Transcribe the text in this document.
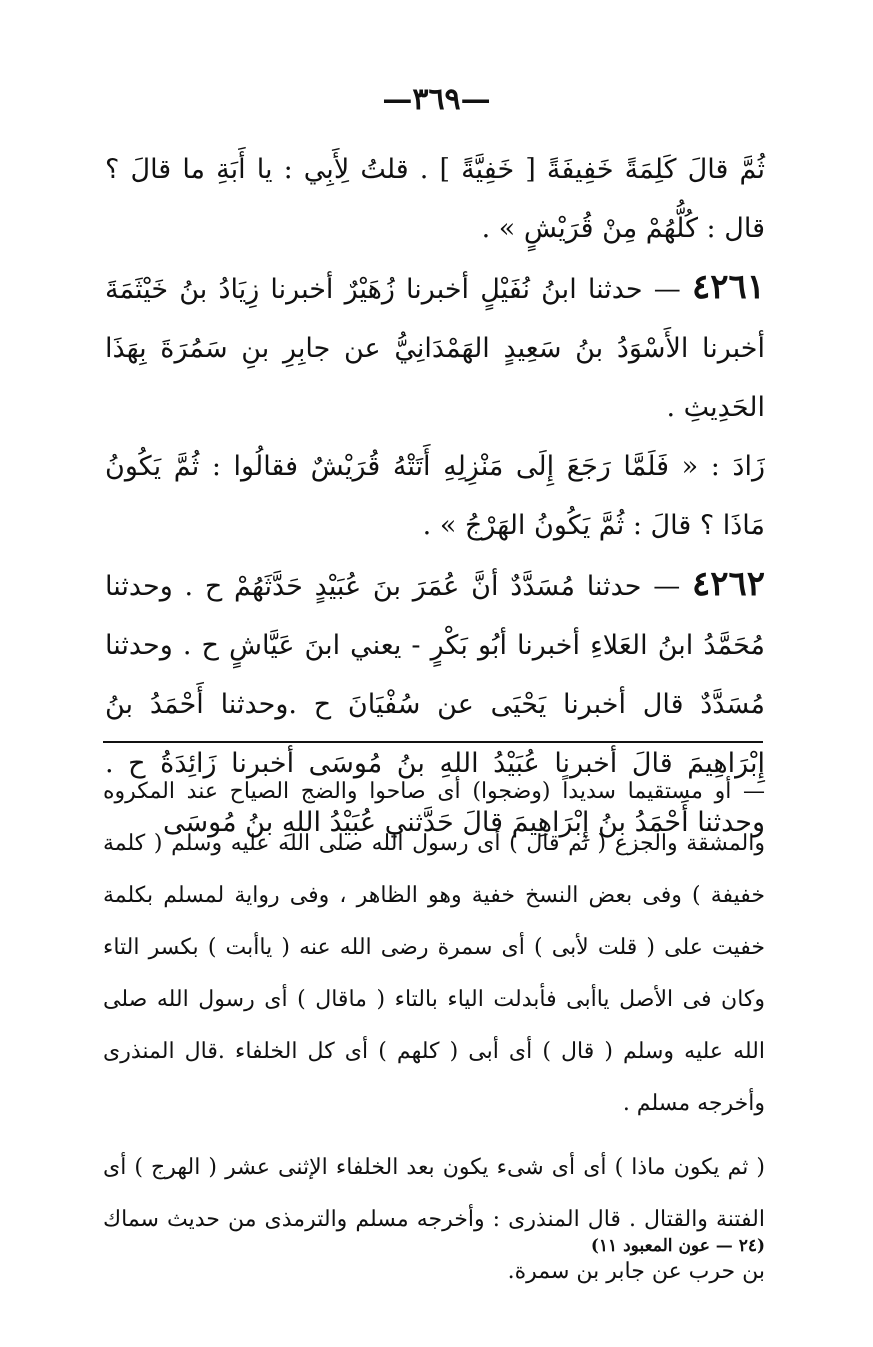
—٣٦٩—

ثُمَّ قالَ كَلِمَةً خَفِيفَةً [ خَفِيَّةً ] . قلتُ لِأَبِي : يا أَبَةِ ما قالَ ؟ قال : كُلُّهُمْ مِنْ قُرَيْشٍ » .

٤٢٦١ — حدثنا ابنُ نُفَيْلٍ أخبرنا زُهَيْرٌ أخبرنا زِيَادُ بنُ خَيْثَمَةَ أخبرنا الأَسْوَدُ بنُ سَعِيدٍ الهَمْدَانِيُّ عن جابِرِ بنِ سَمُرَةَ بِهَذَا الحَدِيثِ .

زَادَ : « فَلَمَّا رَجَعَ إِلَى مَنْزِلِهِ أَتَتْهُ قُرَيْشٌ فقالُوا : ثُمَّ يَكُونُ مَاذَا ؟ قالَ : ثُمَّ يَكُونُ الهَرْجُ » .

٤٢٦٢ — حدثنا مُسَدَّدٌ أنَّ عُمَرَ بنَ عُبَيْدٍ حَدَّثَهُمْ ح . وحدثنا مُحَمَّدُ ابنُ العَلاءِ أخبرنا أبُو بَكْرٍ - يعني ابنَ عَيَّاشٍ ح . وحدثنا مُسَدَّدٌ قال أخبرنا يَحْيَى عن سُفْيَانَ ح .وحدثنا أَحْمَدُ بنُ إِبْرَاهِيمَ قالَ أخبرنا عُبَيْدُ اللهِ بنُ مُوسَى أخبرنا زَائِدَةُ ح . وحدثنا أَحْمَدُ بنُ إِبْرَاهِيمَ قالَ حَدَّثني عُبَيْدُ اللهِ بنُ مُوسَى

— أو مستقيما سديداً (وضجوا) أى صاحوا والضج الصياح عند المكروه والمشقة والجزع ( ثم قال ) أى رسول الله صلى الله عليه وسلم ( كلمة خفيفة ) وفى بعض النسخ خفية وهو الظاهر ، وفى رواية لمسلم بكلمة خفيت على ( قلت لأبى ) أى سمرة رضى الله عنه ( ياأبت ) بكسر التاء وكان فى الأصل ياأبى فأبدلت الياء بالتاء ( ماقال ) أى رسول الله صلى الله عليه وسلم ( قال ) أى أبى ( كلهم ) أى كل الخلفاء .قال المنذرى وأخرجه مسلم .

( ثم يكون ماذا ) أى أى شىء يكون بعد الخلفاء الإثنى عشر ( الهرج ) أى الفتنة والقتال . قال المنذرى : وأخرجه مسلم والترمذى من حديث سماك بن حرب عن جابر بن سمرة.

(٢٤ — عون المعبود ١١)
